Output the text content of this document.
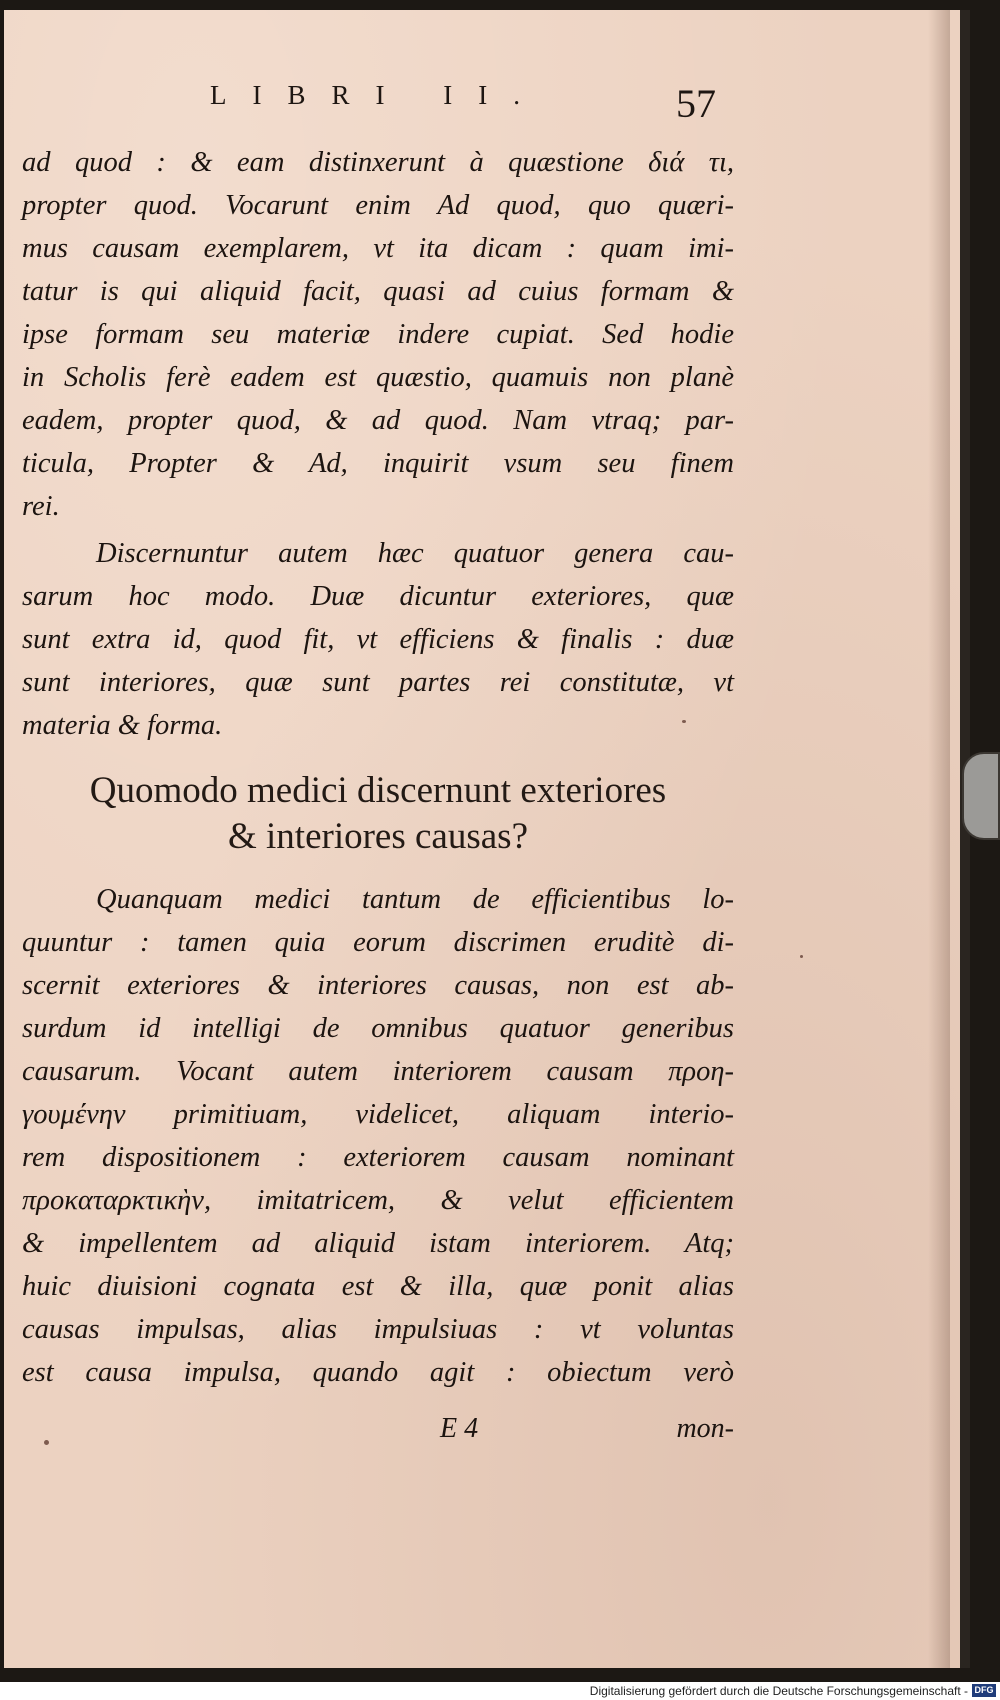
LIBRI II.	57
ad quod : & eam distinxerunt à quæstione διά τι,
propter quod. Vocarunt enim Ad quod, quo quæri-
mus causam exemplarem, vt ita dicam : quam imi-
tatur is qui aliquid facit, quasi ad cuius formam &
ipse formam seu materiæ indere cupiat. Sed hodie
in Scholis ferè eadem est quæstio, quamuis non planè
eadem, propter quod, & ad quod. Nam vtraq; par-
ticula, Propter & Ad, inquirit vsum seu finem
rei.
Discernuntur autem hæc quatuor genera cau-
sarum hoc modo. Duæ dicuntur exteriores, quæ
sunt extra id, quod fit, vt efficiens & finalis : duæ
sunt interiores, quæ sunt partes rei constitutæ, vt
materia & forma.
Quomodo medici discernunt exteriores
& interiores causas?
Quanquam medici tantum de efficientibus lo-
quuntur : tamen quia eorum discrimen eruditè di-
scernit exteriores & interiores causas, non est ab-
surdum id intelligi de omnibus quatuor generibus
causarum. Vocant autem interiorem causam προη-
γουμένην primitiuam, videlicet, aliquam interio-
rem dispositionem : exteriorem causam nominant
προκαταρκτικὴν, imitatricem, & velut efficientem
& impellentem ad aliquid istam interiorem. Atq;
huic diuisioni cognata est & illa, quæ ponit alias
causas impulsas, alias impulsiuas : vt voluntas
est causa impulsa, quando agit : obiectum verò
E 4	mon-
Digitalisierung gefördert durch die Deutsche Forschungsgemeinschaft - DFG
